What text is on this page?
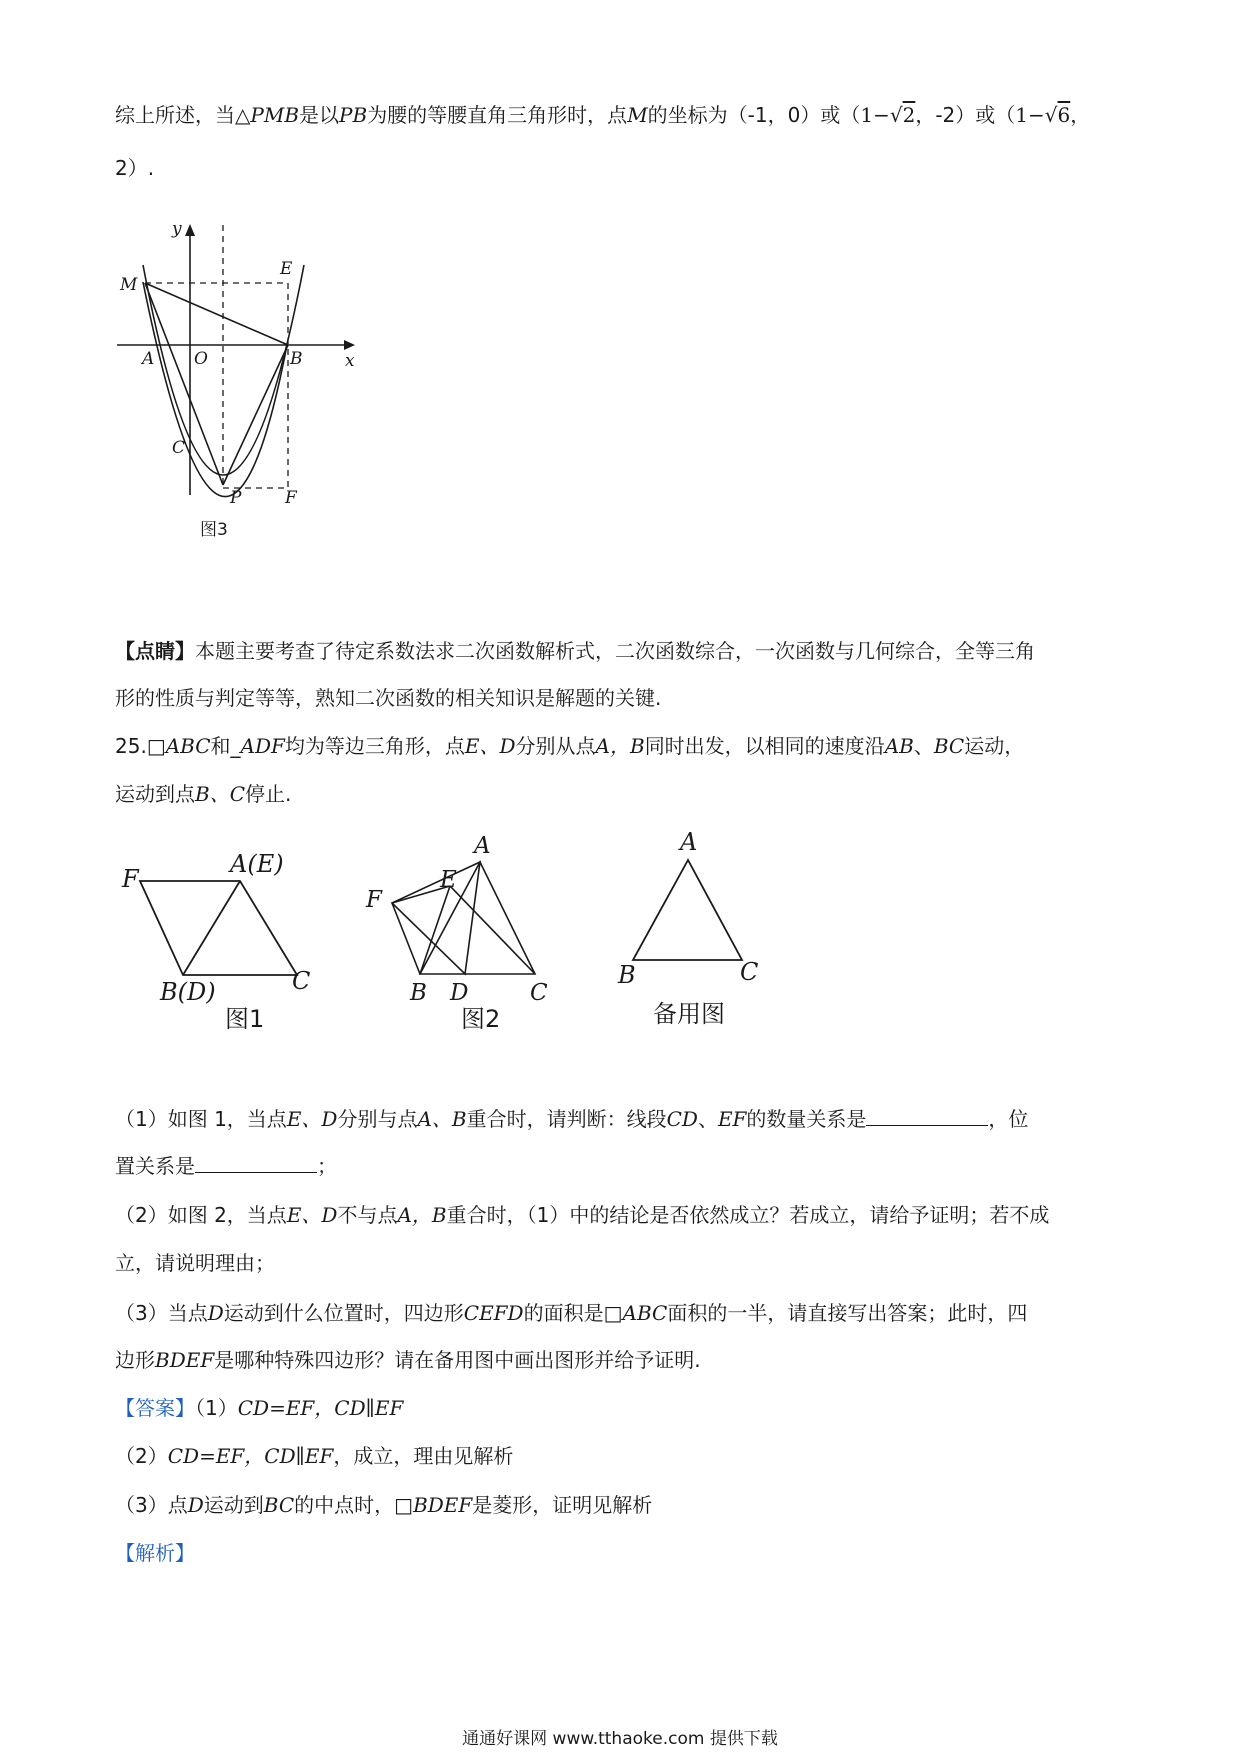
综上所述，当△PMB是以PB为腰的等腰直角三角形时，点M的坐标为（-1，0）或（1−√2，-2）或（1−√6，
2）.
y
x
M
E
A O	B
C
P	F
图3
【点睛】本题主要考查了待定系数法求二次函数解析式，二次函数综合，一次函数与几何综合，全等三角
形的性质与判定等等，熟知二次函数的相关知识是解题的关键.
25.□ABC和_ADF均为等边三角形，点E、D分别从点A，B同时出发，以相同的速度沿AB、BC运动，
运动到点B、C停止.
F
A(E)
B(D)	C
图1
A
E
F
B D	C
图2
A
B	C
备用图
（1）如图 1，当点E、D分别与点A、B重合时，请判断：线段CD、EF的数量关系是	，位
置关系是	；
（2）如图 2，当点E、D不与点A，B重合时，（1）中的结论是否依然成立？若成立，请给予证明；若不成
立，请说明理由；
（3）当点D运动到什么位置时，四边形CEFD的面积是□ABC面积的一半，请直接写出答案；此时，四
边形BDEF是哪种特殊四边形？请在备用图中画出图形并给予证明.
【答案】（1）CD=EF，CD∥EF
（2）CD=EF，CD∥EF，成立，理由见解析
（3）点D运动到BC的中点时，□BDEF是菱形，证明见解析
【解析】
通通好课网 www.tthaoke.com 提供下载
